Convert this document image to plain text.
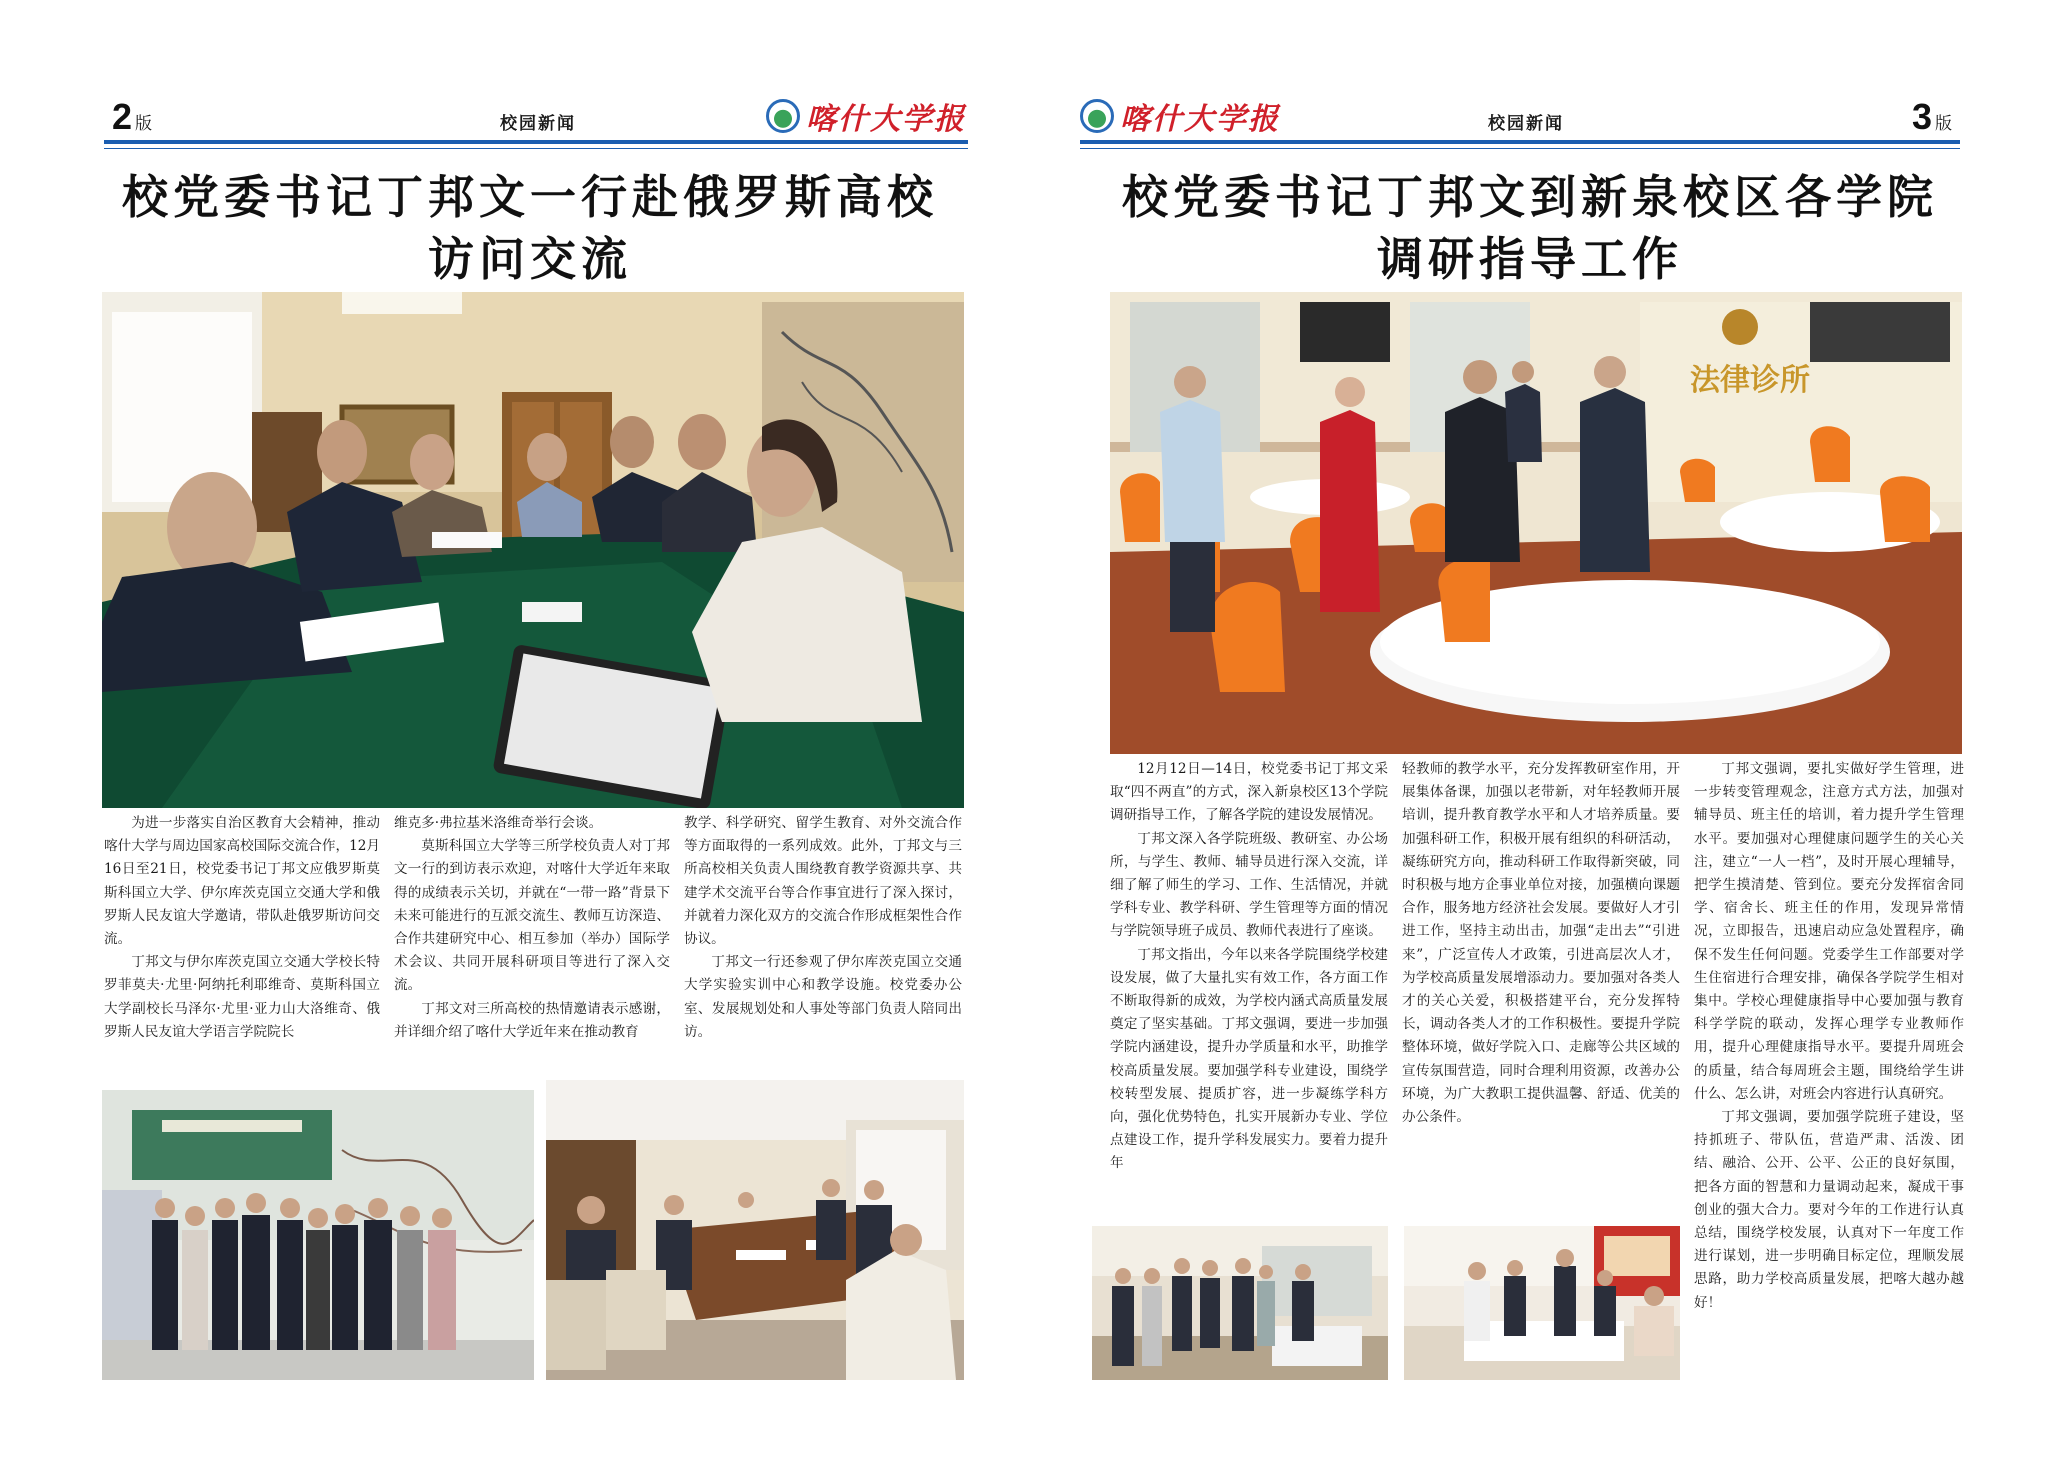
2 版	校园新闻	喀什大学报
校党委书记丁邦文一行赴俄罗斯高校
访问交流

为进一步落实自治区教育大会精神，推动喀什大学与周边国家高校国际交流合作，12月16日至21日，校党委书记丁邦文应俄罗斯莫斯科国立大学、伊尔库茨克国立交通大学和俄罗斯人民友谊大学邀请，带队赴俄罗斯访问交流。

丁邦文与伊尔库茨克国立交通大学校长特罗菲莫夫·尤里·阿纳托利耶维奇、莫斯科国立大学副校长马泽尔·尤里·亚力山大洛维奇、俄罗斯人民友谊大学语言学院院长

维克多·弗拉基米洛维奇举行会谈。

莫斯科国立大学等三所学校负责人对丁邦文一行的到访表示欢迎，对喀什大学近年来取得的成绩表示关切，并就在“一带一路”背景下未来可能进行的互派交流生、教师互访深造、合作共建研究中心、相互参加（举办）国际学术会议、共同开展科研项目等进行了深入交流。

丁邦文对三所高校的热情邀请表示感谢，并详细介绍了喀什大学近年来在推动教育

教学、科学研究、留学生教育、对外交流合作等方面取得的一系列成效。此外，丁邦文与三所高校相关负责人围绕教育教学资源共享、共建学术交流平台等合作事宜进行了深入探讨，并就着力深化双方的交流合作形成框架性合作协议。

丁邦文一行还参观了伊尔库茨克国立交通大学实验实训中心和教学设施。校党委办公室、发展规划处和人事处等部门负责人陪同出访。

喀什大学报	校园新闻	3 版
校党委书记丁邦文到新泉校区各学院
调研指导工作
法律诊所

12月12日—14日，校党委书记丁邦文采取“四不两直”的方式，深入新泉校区13个学院调研指导工作，了解各学院的建设发展情况。

丁邦文深入各学院班级、教研室、办公场所，与学生、教师、辅导员进行深入交流，详细了解了师生的学习、工作、生活情况，并就学科专业、教学科研、学生管理等方面的情况与学院领导班子成员、教师代表进行了座谈。

丁邦文指出，今年以来各学院围绕学校建设发展，做了大量扎实有效工作，各方面工作不断取得新的成效，为学校内涵式高质量发展奠定了坚实基础。丁邦文强调，要进一步加强学院内涵建设，提升办学质量和水平，助推学校高质量发展。要加强学科专业建设，围绕学校转型发展、提质扩容，进一步凝练学科方向，强化优势特色，扎实开展新办专业、学位点建设工作，提升学科发展实力。要着力提升年

轻教师的教学水平，充分发挥教研室作用，开展集体备课，加强以老带新，对年轻教师开展培训，提升教育教学水平和人才培养质量。要加强科研工作，积极开展有组织的科研活动，凝练研究方向，推动科研工作取得新突破，同时积极与地方企事业单位对接，加强横向课题合作，服务地方经济社会发展。要做好人才引进工作，坚持主动出击，加强“走出去”“引进来”，广泛宣传人才政策，引进高层次人才，为学校高质量发展增添动力。要加强对各类人才的关心关爱，积极搭建平台，充分发挥特长，调动各类人才的工作积极性。要提升学院整体环境，做好学院入口、走廊等公共区域的宣传氛围营造，同时合理利用资源，改善办公环境，为广大教职工提供温馨、舒适、优美的办公条件。

丁邦文强调，要扎实做好学生管理，进一步转变管理观念，注意方式方法，加强对辅导员、班主任的培训，着力提升学生管理水平。要加强对心理健康问题学生的关心关注，建立“一人一档”，及时开展心理辅导，把学生摸清楚、管到位。要充分发挥宿舍同学、宿舍长、班主任的作用，发现异常情况，立即报告，迅速启动应急处置程序，确保不发生任何问题。党委学生工作部要对学生住宿进行合理安排，确保各学院学生相对集中。学校心理健康指导中心要加强与教育科学学院的联动，发挥心理学专业教师作用，提升心理健康指导水平。要提升周班会的质量，结合每周班会主题，围绕给学生讲什么、怎么讲，对班会内容进行认真研究。

丁邦文强调，要加强学院班子建设，坚持抓班子、带队伍，营造严肃、活泼、团结、融洽、公开、公平、公正的良好氛围，把各方面的智慧和力量调动起来，凝成干事创业的强大合力。要对今年的工作进行认真总结，围绕学校发展，认真对下一年度工作进行谋划，进一步明确目标定位，理顺发展思路，助力学校高质量发展，把喀大越办越好！
